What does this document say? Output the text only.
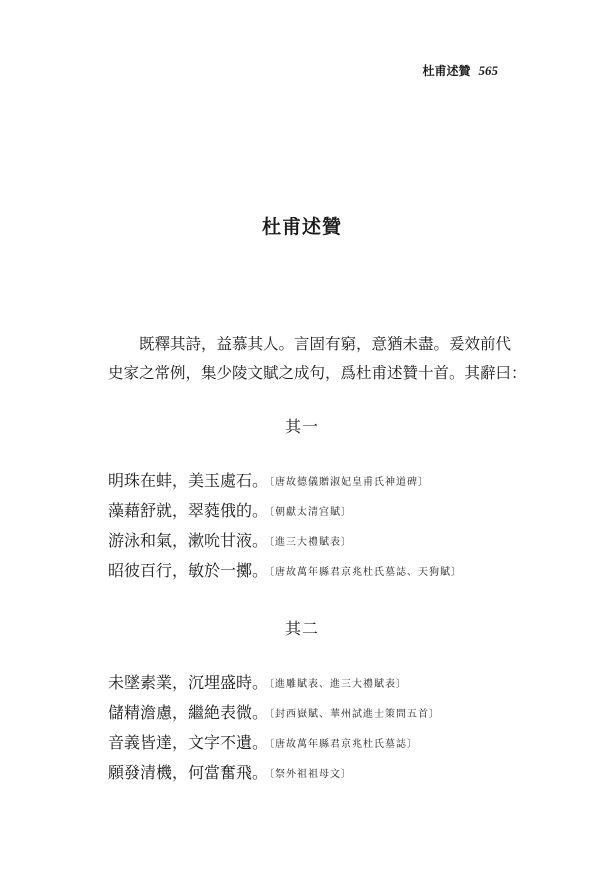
杜甫述贊 565
杜甫述贊

既釋其詩，益慕其人。言固有窮，意猶未盡。爰效前代
史家之常例，集少陵文賦之成句，爲杜甫述贊十首。其辭曰：

其一
明珠在蚌，美玉處石。〔唐故德儀贈淑妃皇甫氏神道碑〕
藻藉舒就，翠蕤俄的。〔朝獻太清宫賦〕
游泳和氣，漱吮甘液。〔進三大禮賦表〕
昭彼百行，敏於一擲。〔唐故萬年縣君京兆杜氏墓誌、天狗賦〕
其二
未墜素業，沉埋盛時。〔進雕賦表、進三大禮賦表〕
儲精澹慮，繼絶表微。〔封西嶽賦、華州試進士策問五首〕
音義皆達，文字不遺。〔唐故萬年縣君京兆杜氏墓誌〕
願發清機，何當奮飛。〔祭外祖祖母文〕
